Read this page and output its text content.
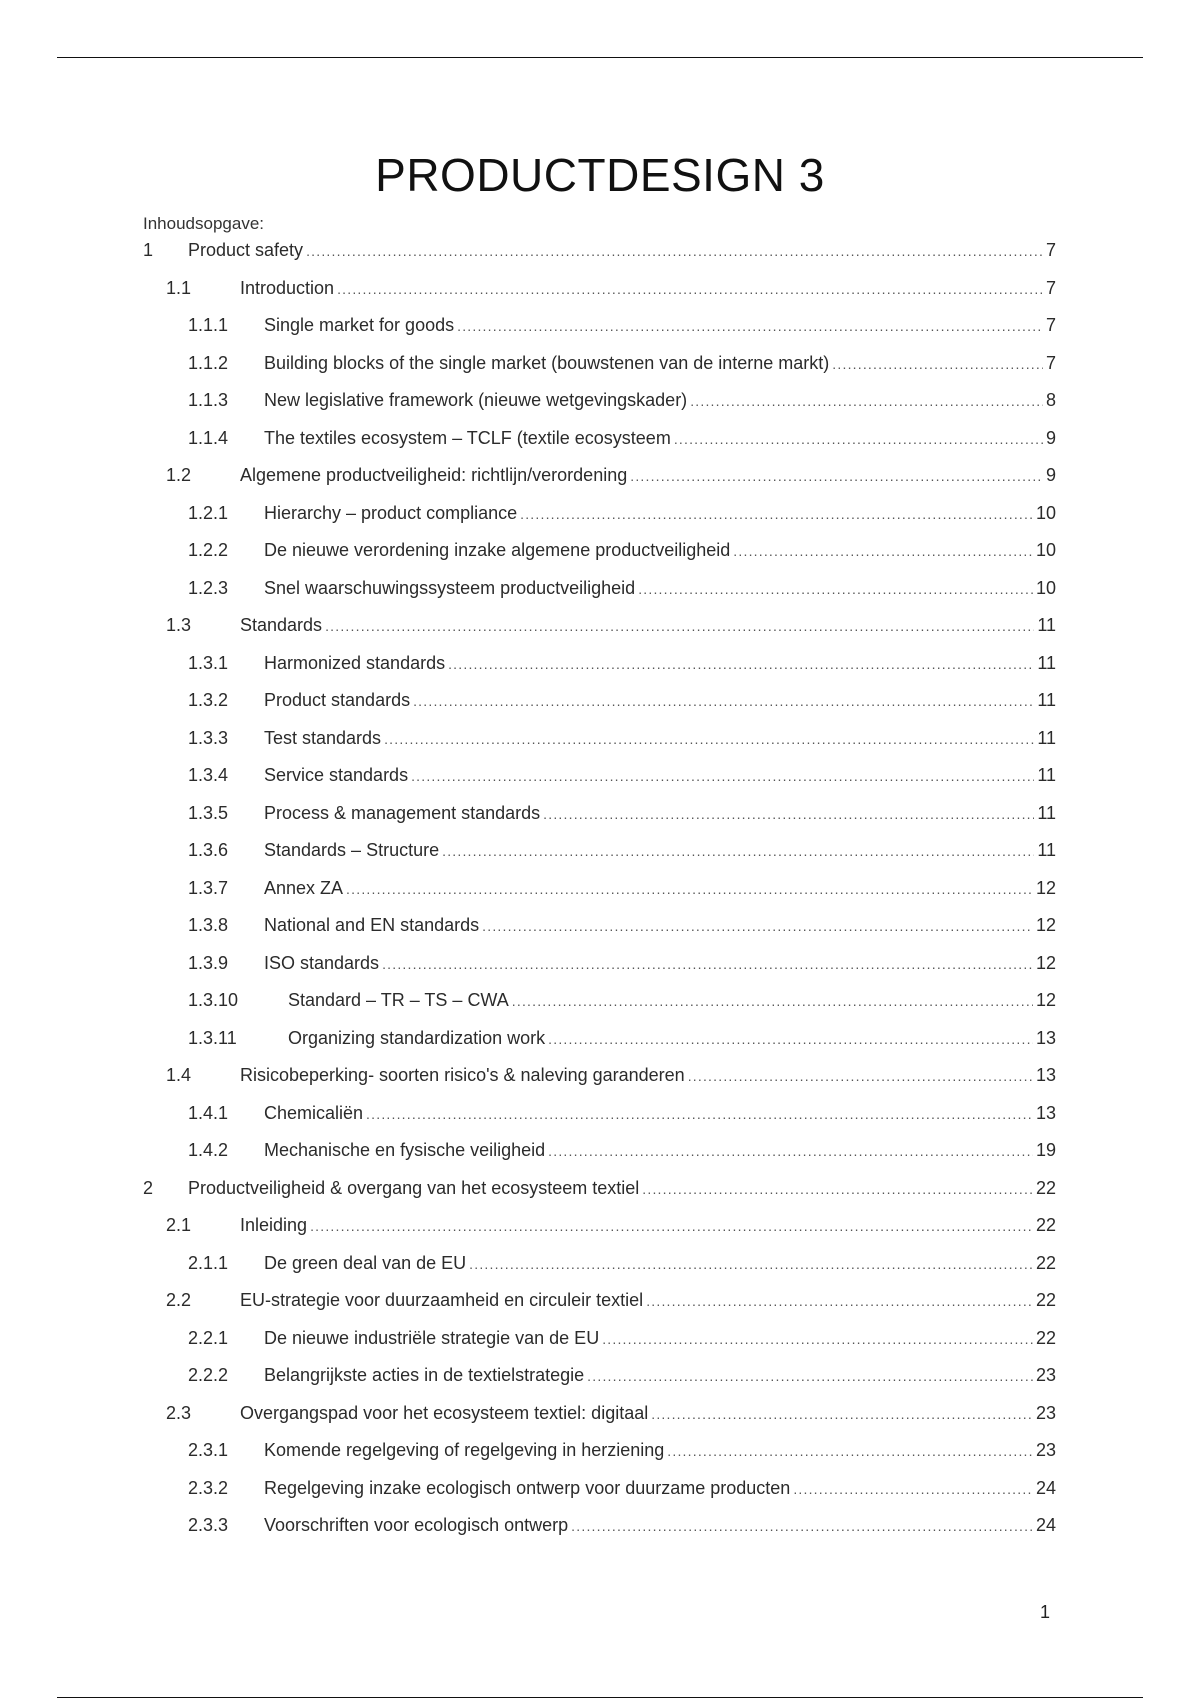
PRODUCTDESIGN 3
Inhoudsopgave:
1	Product safety .....	7
1.1	Introduction .....	7
1.1.1	Single market for goods .....	7
1.1.2	Building blocks of the single market (bouwstenen van de interne markt) .....	7
1.1.3	New legislative framework (nieuwe wetgevingskader) .....	8
1.1.4	The textiles ecosystem – TCLF (textile ecosysteem .....	9
1.2	Algemene productveiligheid: richtlijn/verordening .....	9
1.2.1	Hierarchy – product compliance .....	10
1.2.2	De nieuwe verordening inzake algemene productveiligheid .....	10
1.2.3	Snel waarschuwingssysteem productveiligheid .....	10
1.3	Standards .....	11
1.3.1	Harmonized standards .....	11
1.3.2	Product standards .....	11
1.3.3	Test standards .....	11
1.3.4	Service standards .....	11
1.3.5	Process & management standards .....	11
1.3.6	Standards – Structure .....	11
1.3.7	Annex ZA .....	12
1.3.8	National and EN standards .....	12
1.3.9	ISO standards .....	12
1.3.10	Standard – TR – TS – CWA .....	12
1.3.11	Organizing standardization work .....	13
1.4	Risicobeperking- soorten risico's & naleving garanderen .....	13
1.4.1	Chemicaliën .....	13
1.4.2	Mechanische en fysische veiligheid .....	19
2	Productveiligheid & overgang van het ecosysteem textiel .....	22
2.1	Inleiding .....	22
2.1.1	De green deal van de EU .....	22
2.2	EU-strategie voor duurzaamheid en circuleir textiel .....	22
2.2.1	De nieuwe industriële strategie van de EU .....	22
2.2.2	Belangrijkste acties in de textielstrategie .....	23
2.3	Overgangspad voor het ecosysteem textiel: digitaal .....	23
2.3.1	Komende regelgeving of regelgeving in herziening .....	23
2.3.2	Regelgeving inzake ecologisch ontwerp voor duurzame producten .....	24
2.3.3	Voorschriften voor ecologisch ontwerp .....	24
1
